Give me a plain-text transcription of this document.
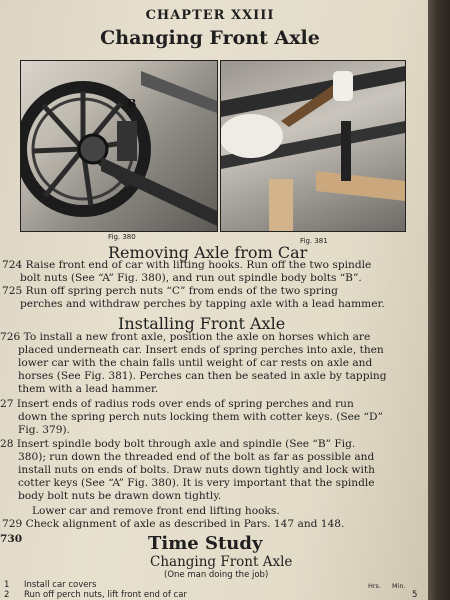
CHAPTER XXIII
Changing Front Axle
B
Fig. 380	Fig. 381
Removing Axle from Car
724 Raise front end of car with lifting hooks. Run off the two spindle
bolt nuts (See “A” Fig. 380), and run out spindle body bolts “B”.
725 Run off spring perch nuts “C” from ends of the two spring
perches and withdraw perches by tapping axle with a lead hammer.
Installing Front Axle
726 To install a new front axle, position the axle on horses which are
placed underneath car. Insert ends of spring perches into axle, then
lower car with the chain falls until weight of car rests on axle and
horses (See Fig. 381). Perches can then be seated in axle by tapping
them with a lead hammer.
27 Insert ends of radius rods over ends of spring perches and run
down the spring perch nuts locking them with cotter keys. (See “D”
Fig. 379).
28 Insert spindle body bolt through axle and spindle (See “B” Fig.
380); run down the threaded end of the bolt as far as possible and
install nuts on ends of bolts. Draw nuts down tightly and lock with
cotter keys (See “A” Fig. 380). It is very important that the spindle
body bolt nuts be drawn down tightly.
Lower car and remove front end lifting hooks.
729 Check alignment of axle as described in Pars. 147 and 148.
730	Time Study
Changing Front Axle
(One man doing the job)
Hrs. Min.
1 Install car covers
2 Run off perch nuts, lift front end of car	5
